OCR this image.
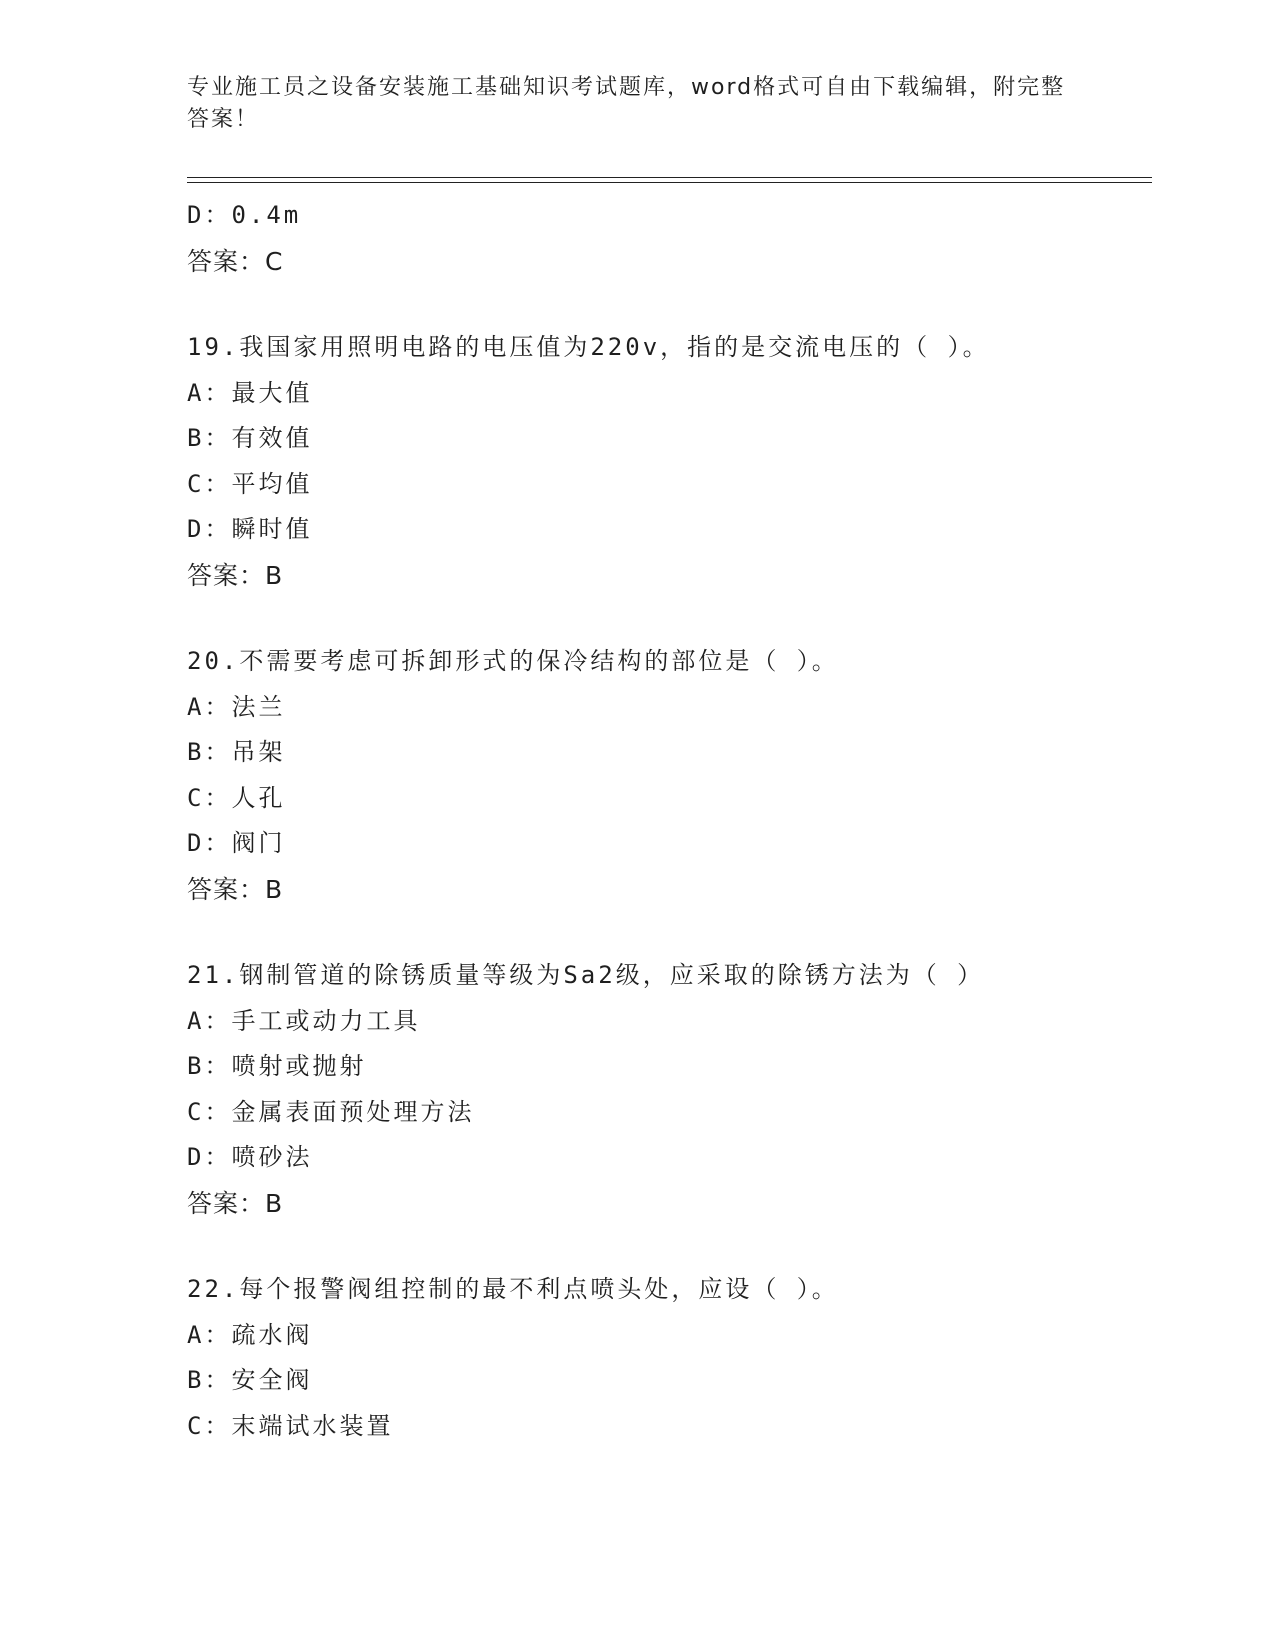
专业施工员之设备安装施工基础知识考试题库，word格式可自由下载编辑，附完整答案！
D：0.4m
答案：C
19.我国家用照明电路的电压值为220v，指的是交流电压的（ ）。
A：最大值
B：有效值
C：平均值
D：瞬时值
答案：B
20.不需要考虑可拆卸形式的保冷结构的部位是（ ）。
A：法兰
B：吊架
C：人孔
D：阀门
答案：B
21.钢制管道的除锈质量等级为Sa2级，应采取的除锈方法为（ ）
A：手工或动力工具
B：喷射或抛射
C：金属表面预处理方法
D：喷砂法
答案：B
22.每个报警阀组控制的最不利点喷头处，应设（ ）。
A：疏水阀
B：安全阀
C：末端试水装置
